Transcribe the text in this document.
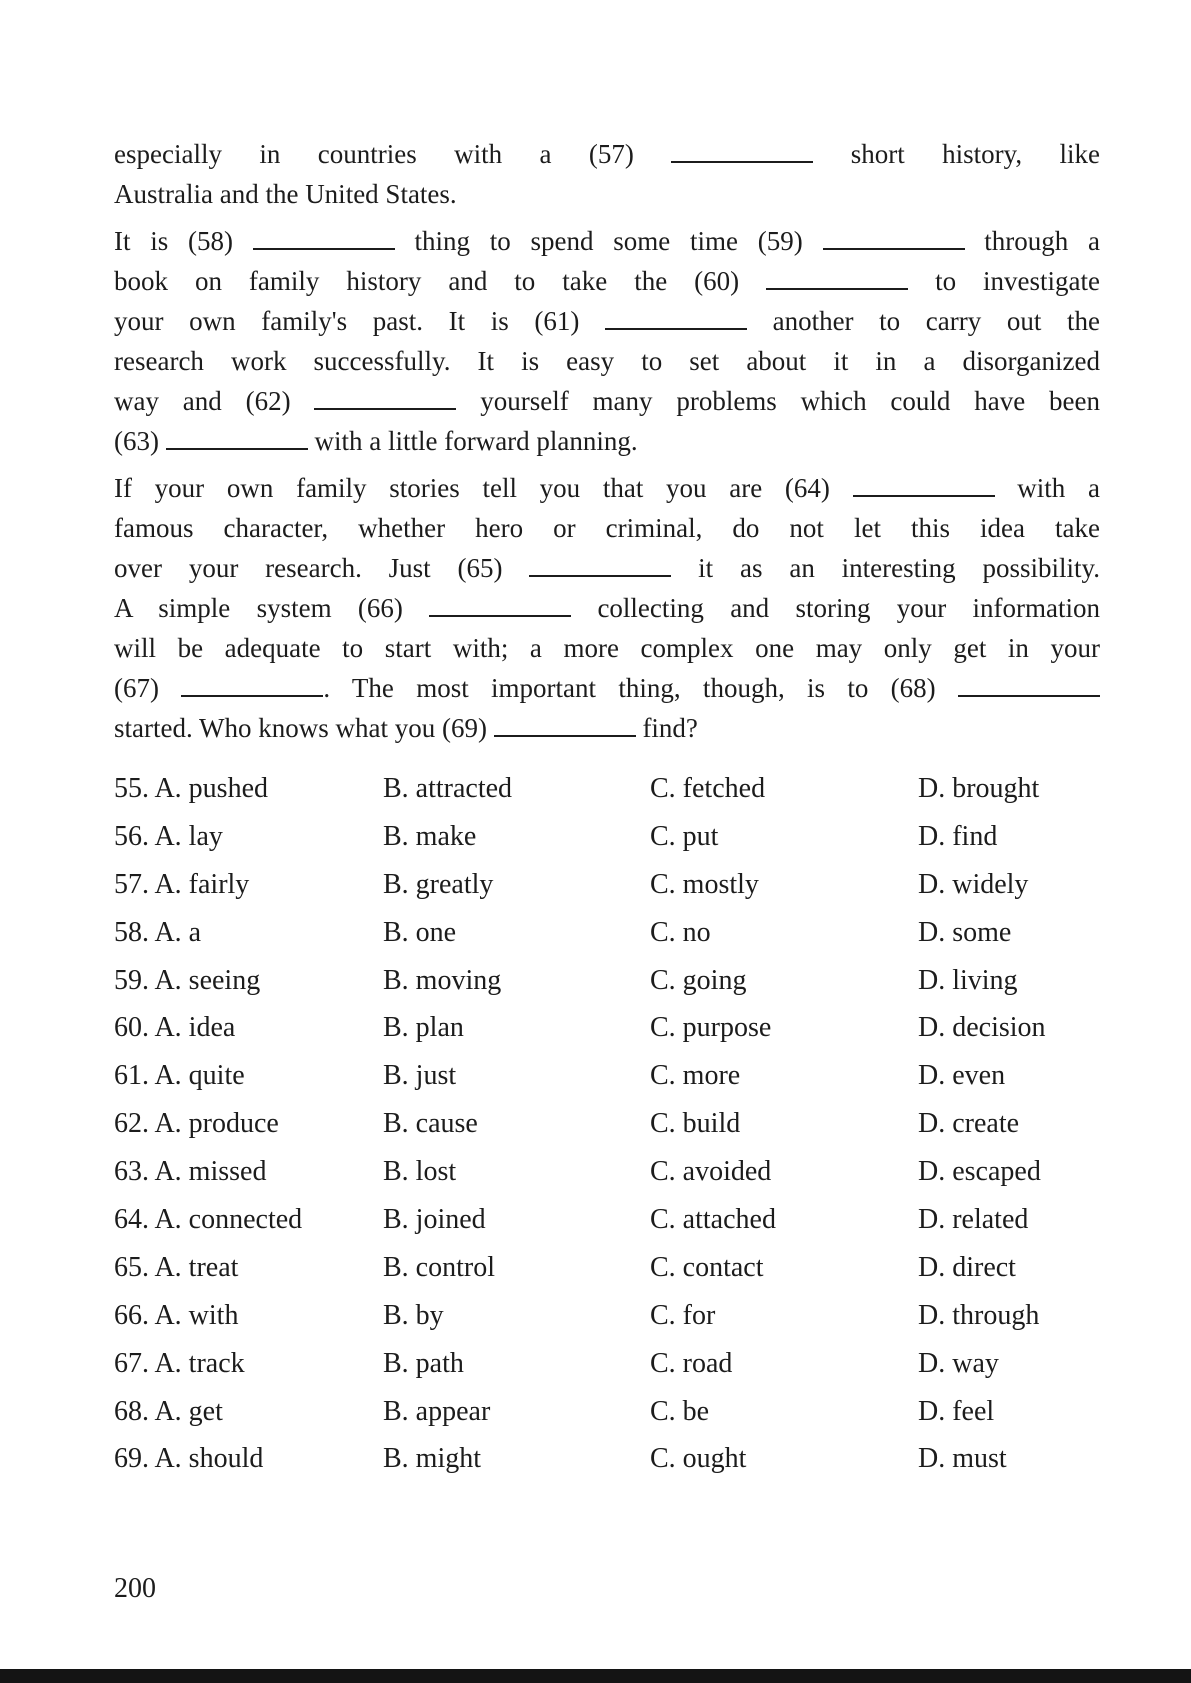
especially in countries with a (57)	short history, like
Australia and the United States.
It is (58)	thing to spend some time (59)	through a
book on family history and to take the (60)	to investigate
your own family's past. It is (61)	another to carry out the
research work successfully. It is easy to set about it in a disorganized
way and (62)	yourself many problems which could have been
(63)	with a little forward planning.
If your own family stories tell you that you are (64)	with a
famous character, whether hero or criminal, do not let this idea take
over your research. Just (65)	it as an interesting possibility.
A simple system (66)	collecting and storing your information
will be adequate to start with; a more complex one may only get in your
(67)	. The most important thing, though, is to (68)
started. Who knows what you (69)	find?
55. A. pushed	B. attracted	C. fetched	D. brought
56. A. lay	B. make	C. put	D. find
57. A. fairly	B. greatly	C. mostly	D. widely
58. A. a	B. one	C. no	D. some
59. A. seeing	B. moving	C. going	D. living
60. A. idea	B. plan	C. purpose	D. decision
61. A. quite	B. just	C. more	D. even
62. A. produce	B. cause	C. build	D. create
63. A. missed	B. lost	C. avoided	D. escaped
64. A. connected	B. joined	C. attached	D. related
65. A. treat	B. control	C. contact	D. direct
66. A. with	B. by	C. for	D. through
67. A. track	B. path	C. road	D. way
68. A. get	B. appear	C. be	D. feel
69. A. should	B. might	C. ought	D. must
200
